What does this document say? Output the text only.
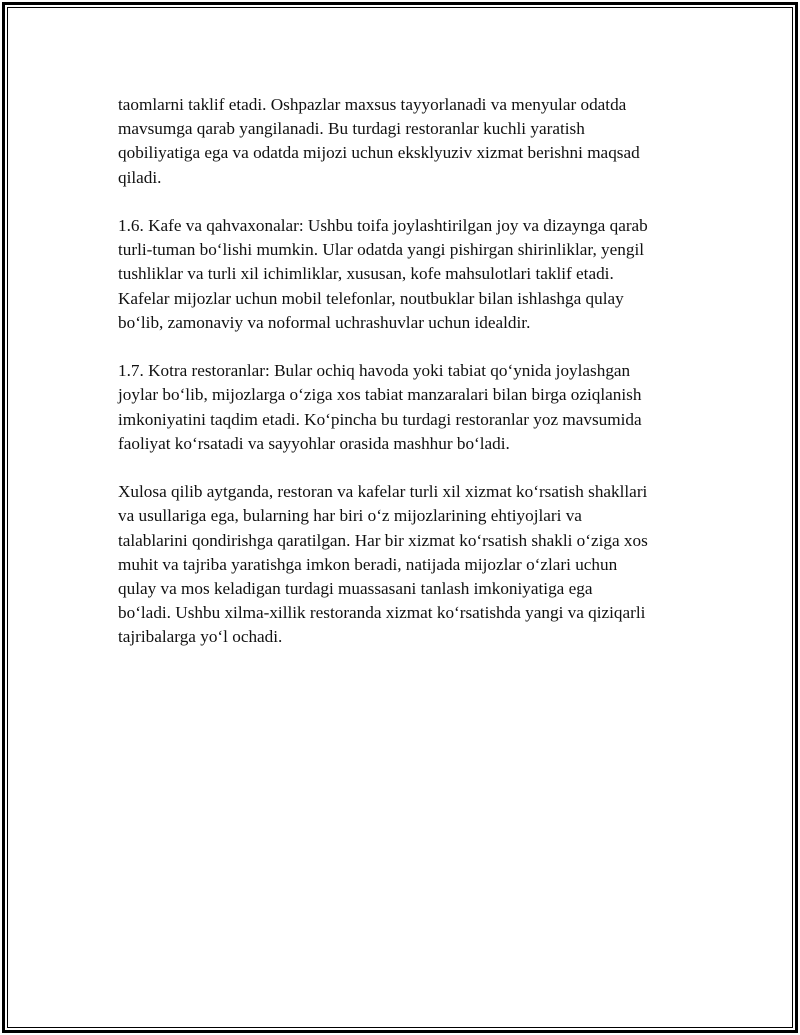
taomlarni taklif etadi. Oshpazlar maxsus tayyorlanadi va menyular odatda
mavsumga qarab yangilanadi. Bu turdagi restoranlar kuchli yaratish
qobiliyatiga ega va odatda mijozi uchun eksklyuziv xizmat berishni maqsad
qiladi.

1.6. Kafe va qahvaxonalar: Ushbu toifa joylashtirilgan joy va dizaynga qarab
turli-tuman bo‘lishi mumkin. Ular odatda yangi pishirgan shirinliklar, yengil
tushliklar va turli xil ichimliklar, xususan, kofe mahsulotlari taklif etadi.
Kafelar mijozlar uchun mobil telefonlar, noutbuklar bilan ishlashga qulay
bo‘lib, zamonaviy va noformal uchrashuvlar uchun idealdir.

1.7. Kotra restoranlar: Bular ochiq havoda yoki tabiat qo‘ynida joylashgan
joylar bo‘lib, mijozlarga o‘ziga xos tabiat manzaralari bilan birga oziqlanish
imkoniyatini taqdim etadi. Ko‘pincha bu turdagi restoranlar yoz mavsumida
faoliyat ko‘rsatadi va sayyohlar orasida mashhur bo‘ladi.

Xulosa qilib aytganda, restoran va kafelar turli xil xizmat ko‘rsatish shakllari
va usullariga ega, bularning har biri o‘z mijozlarining ehtiyojlari va
talablarini qondirishga qaratilgan. Har bir xizmat ko‘rsatish shakli o‘ziga xos
muhit va tajriba yaratishga imkon beradi, natijada mijozlar o‘zlari uchun
qulay va mos keladigan turdagi muassasani tanlash imkoniyatiga ega
bo‘ladi. Ushbu xilma-xillik restoranda xizmat ko‘rsatishda yangi va qiziqarli
tajribalarga yo‘l ochadi.
